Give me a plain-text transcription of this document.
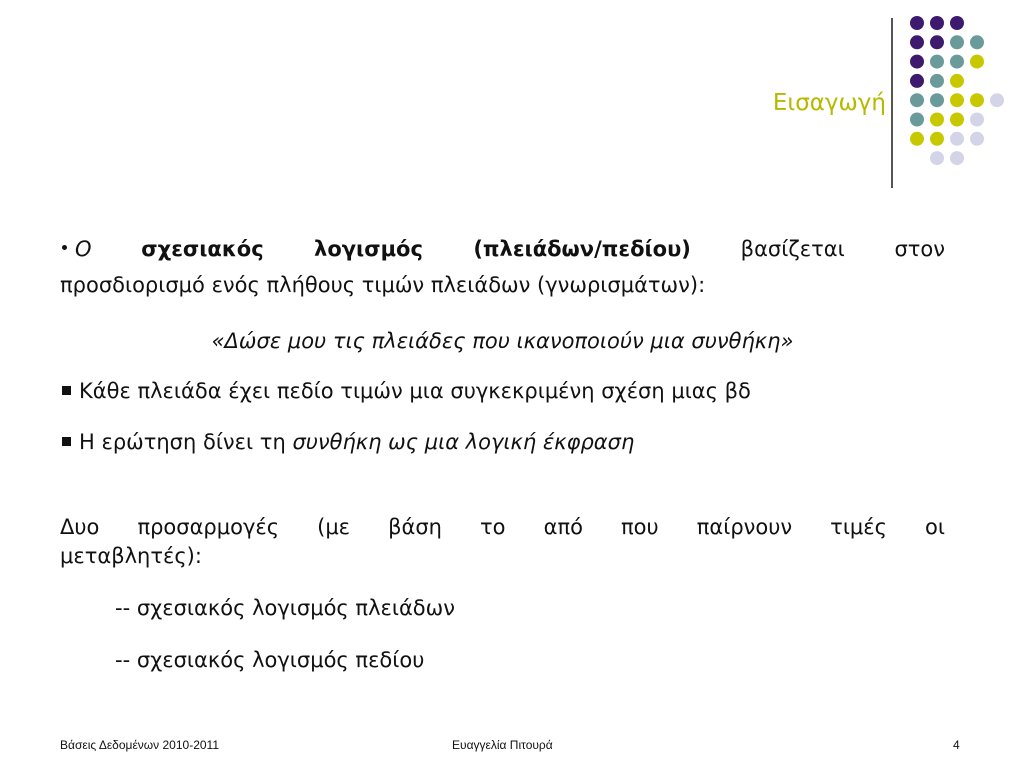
Εισαγωγή
Ο σχεσιακός λογισμός (πλειάδων/πεδίου) βασίζεται στον
προσδιορισμό ενός πλήθους τιμών πλειάδων (γνωρισμάτων):
«Δώσε μου τις πλειάδες που ικανοποιούν μια συνθήκη»
Κάθε πλειάδα έχει πεδίο τιμών μια συγκεκριμένη σχέση μιας βδ
Η ερώτηση δίνει τη συνθήκη ως μια λογική έκφραση
Δυο προσαρμογές (με βάση το από που παίρνουν τιμές οι
μεταβλητές):
-- σχεσιακός λογισμός πλειάδων
-- σχεσιακός λογισμός πεδίου
Βάσεις Δεδομένων 2010-2011	Ευαγγελία Πιτουρά	4
